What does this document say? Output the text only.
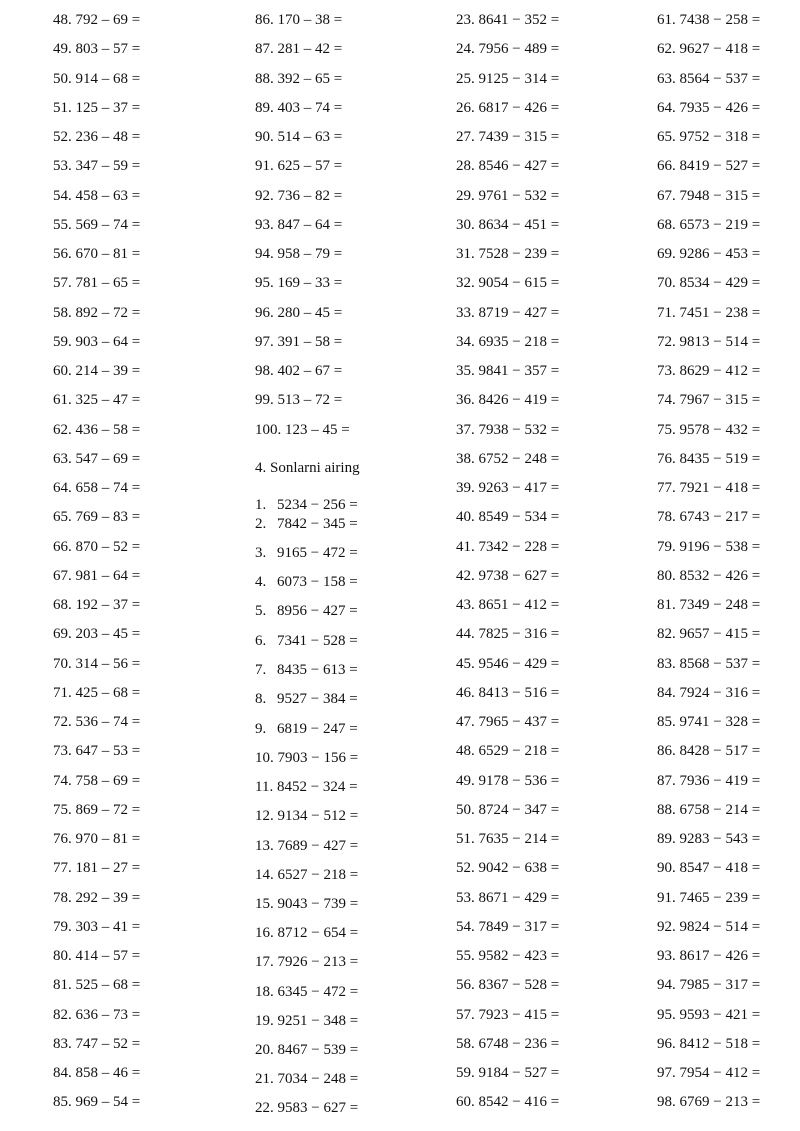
48. 792 – 69 =
49. 803 – 57 =
50. 914 – 68 =
51. 125 – 37 =
52. 236 – 48 =
53. 347 – 59 =
54. 458 – 63 =
55. 569 – 74 =
56. 670 – 81 =
57. 781 – 65 =
58. 892 – 72 =
59. 903 – 64 =
60. 214 – 39 =
61. 325 – 47 =
62. 436 – 58 =
63. 547 – 69 =
64. 658 – 74 =
65. 769 – 83 =
66. 870 – 52 =
67. 981 – 64 =
68. 192 – 37 =
69. 203 – 45 =
70. 314 – 56 =
71. 425 – 68 =
72. 536 – 74 =
73. 647 – 53 =
74. 758 – 69 =
75. 869 – 72 =
76. 970 – 81 =
77. 181 – 27 =
78. 292 – 39 =
79. 303 – 41 =
80. 414 – 57 =
81. 525 – 68 =
82. 636 – 73 =
83. 747 – 52 =
84. 858 – 46 =
85. 969 – 54 =
86. 170 – 38 =
87. 281 – 42 =
88. 392 – 65 =
89. 403 – 74 =
90. 514 – 63 =
91. 625 – 57 =
92. 736 – 82 =
93. 847 – 64 =
94. 958 – 79 =
95. 169 – 33 =
96. 280 – 45 =
97. 391 – 58 =
98. 402 – 67 =
99. 513 – 72 =
100. 123 – 45 =
4. Sonlarni airing
1. 5234 − 256 =
2. 7842 − 345 =
3. 9165 − 472 =
4. 6073 − 158 =
5. 8956 − 427 =
6. 7341 − 528 =
7. 8435 − 613 =
8. 9527 − 384 =
9. 6819 − 247 =
10. 7903 − 156 =
11. 8452 − 324 =
12. 9134 − 512 =
13. 7689 − 427 =
14. 6527 − 218 =
15. 9043 − 739 =
16. 8712 − 654 =
17. 7926 − 213 =
18. 6345 − 472 =
19. 9251 − 348 =
20. 8467 − 539 =
21. 7034 − 248 =
22. 9583 − 627 =
23. 8641 − 352 =
24. 7956 − 489 =
25. 9125 − 314 =
26. 6817 − 426 =
27. 7439 − 315 =
28. 8546 − 427 =
29. 9761 − 532 =
30. 8634 − 451 =
31. 7528 − 239 =
32. 9054 − 615 =
33. 8719 − 427 =
34. 6935 − 218 =
35. 9841 − 357 =
36. 8426 − 419 =
37. 7938 − 532 =
38. 6752 − 248 =
39. 9263 − 417 =
40. 8549 − 534 =
41. 7342 − 228 =
42. 9738 − 627 =
43. 8651 − 412 =
44. 7825 − 316 =
45. 9546 − 429 =
46. 8413 − 516 =
47. 7965 − 437 =
48. 6529 − 218 =
49. 9178 − 536 =
50. 8724 − 347 =
51. 7635 − 214 =
52. 9042 − 638 =
53. 8671 − 429 =
54. 7849 − 317 =
55. 9582 − 423 =
56. 8367 − 528 =
57. 7923 − 415 =
58. 6748 − 236 =
59. 9184 − 527 =
60. 8542 − 416 =
61. 7438 − 258 =
62. 9627 − 418 =
63. 8564 − 537 =
64. 7935 − 426 =
65. 9752 − 318 =
66. 8419 − 527 =
67. 7948 − 315 =
68. 6573 − 219 =
69. 9286 − 453 =
70. 8534 − 429 =
71. 7451 − 238 =
72. 9813 − 514 =
73. 8629 − 412 =
74. 7967 − 315 =
75. 9578 − 432 =
76. 8435 − 519 =
77. 7921 − 418 =
78. 6743 − 217 =
79. 9196 − 538 =
80. 8532 − 426 =
81. 7349 − 248 =
82. 9657 − 415 =
83. 8568 − 537 =
84. 7924 − 316 =
85. 9741 − 328 =
86. 8428 − 517 =
87. 7936 − 419 =
88. 6758 − 214 =
89. 9283 − 543 =
90. 8547 − 418 =
91. 7465 − 239 =
92. 9824 − 514 =
93. 8617 − 426 =
94. 7985 − 317 =
95. 9593 − 421 =
96. 8412 − 518 =
97. 7954 − 412 =
98. 6769 − 213 =
